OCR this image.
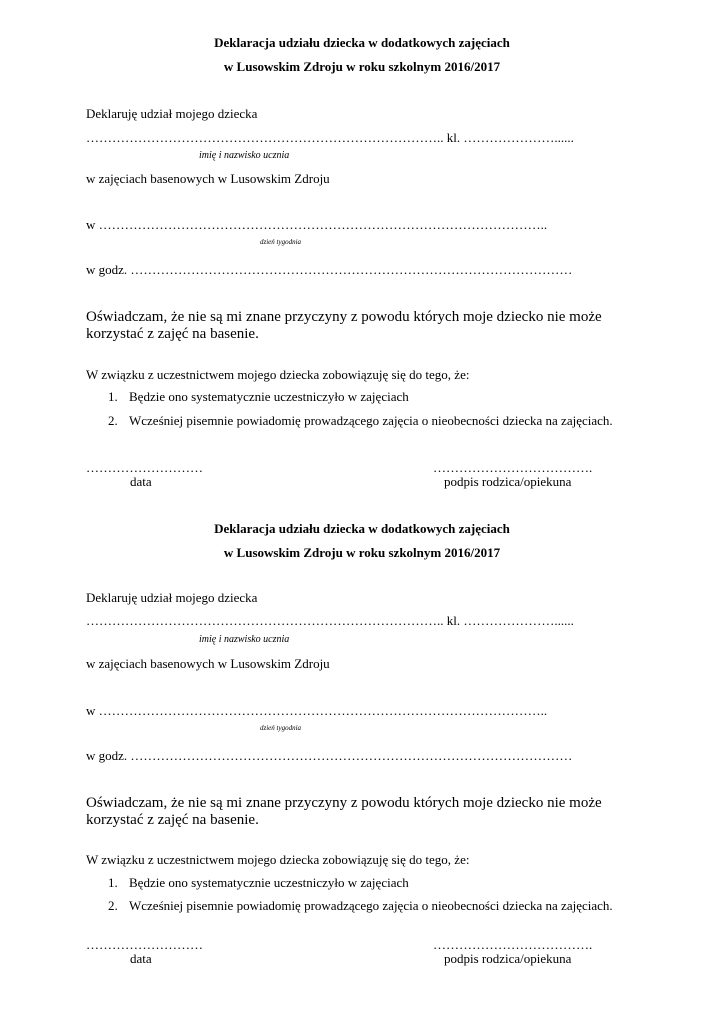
Deklaracja udziału dziecka w dodatkowych zajęciach
w Lusowskim Zdroju w roku szkolnym 2016/2017
Deklaruję udział mojego dziecka
……………………………………………………………………….. kl. …………………......
imię i nazwisko ucznia
w zajęciach basenowych w Lusowskim Zdroju
w …………………………………………………………………………………………..
dzień tygodnia
w godz. …………………………………………………………………………………………
Oświadczam, że nie są mi znane przyczyny z powodu których moje dziecko nie może
korzystać z zajęć na basenie.
W związku z uczestnictwem mojego dziecka zobowiązuję się do tego, że:
1. Będzie ono systematycznie uczestniczyło w zajęciach
2. Wcześniej pisemnie powiadomię prowadzącego zajęcia o nieobecności dziecka na zajęciach.
………………………
data
……………………………….
podpis rodzica/opiekuna
Deklaracja udziału dziecka w dodatkowych zajęciach
w Lusowskim Zdroju w roku szkolnym 2016/2017
Deklaruję udział mojego dziecka
……………………………………………………………………….. kl. …………………......
imię i nazwisko ucznia
w zajęciach basenowych w Lusowskim Zdroju
w …………………………………………………………………………………………..
dzień tygodnia
w godz. …………………………………………………………………………………………
Oświadczam, że nie są mi znane przyczyny z powodu których moje dziecko nie może
korzystać z zajęć na basenie.
W związku z uczestnictwem mojego dziecka zobowiązuję się do tego, że:
1. Będzie ono systematycznie uczestniczyło w zajęciach
2. Wcześniej pisemnie powiadomię prowadzącego zajęcia o nieobecności dziecka na zajęciach.
………………………
data
……………………………….
podpis rodzica/opiekuna
